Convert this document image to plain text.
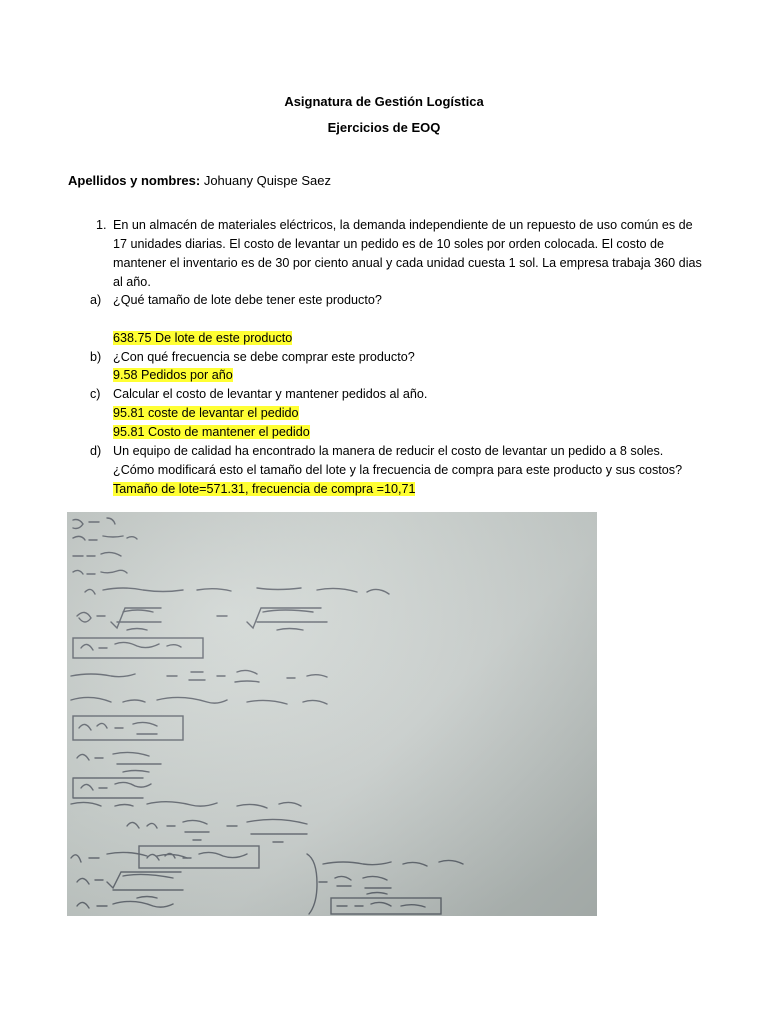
Asignatura de Gestión Logística
Ejercicios de EOQ
Apellidos y nombres: Johuany Quispe Saez
1. En un almacén de materiales eléctricos, la demanda independiente de un repuesto de uso común es de
17 unidades diarias. El costo de levantar un pedido es de 10 soles por orden colocada. El costo de
mantener el inventario es de 30 por ciento anual y cada unidad cuesta 1 sol. La empresa trabaja 360 dias
al año.
a) ¿Qué tamaño de lote debe tener este producto?
638.75 De lote de este producto
b) ¿Con qué frecuencia se debe comprar este producto?
9.58 Pedidos por año
c) Calcular el costo de levantar y mantener pedidos al año.
95.81 coste de levantar el pedido
95.81 Costo de mantener el pedido
d) Un equipo de calidad ha encontrado la manera de reducir el costo de levantar un pedido a 8 soles.
¿Cómo modificará esto el tamaño del lote y la frecuencia de compra para este producto y sus costos?
Tamaño de lote=571.31, frecuencia de compra =10,71
